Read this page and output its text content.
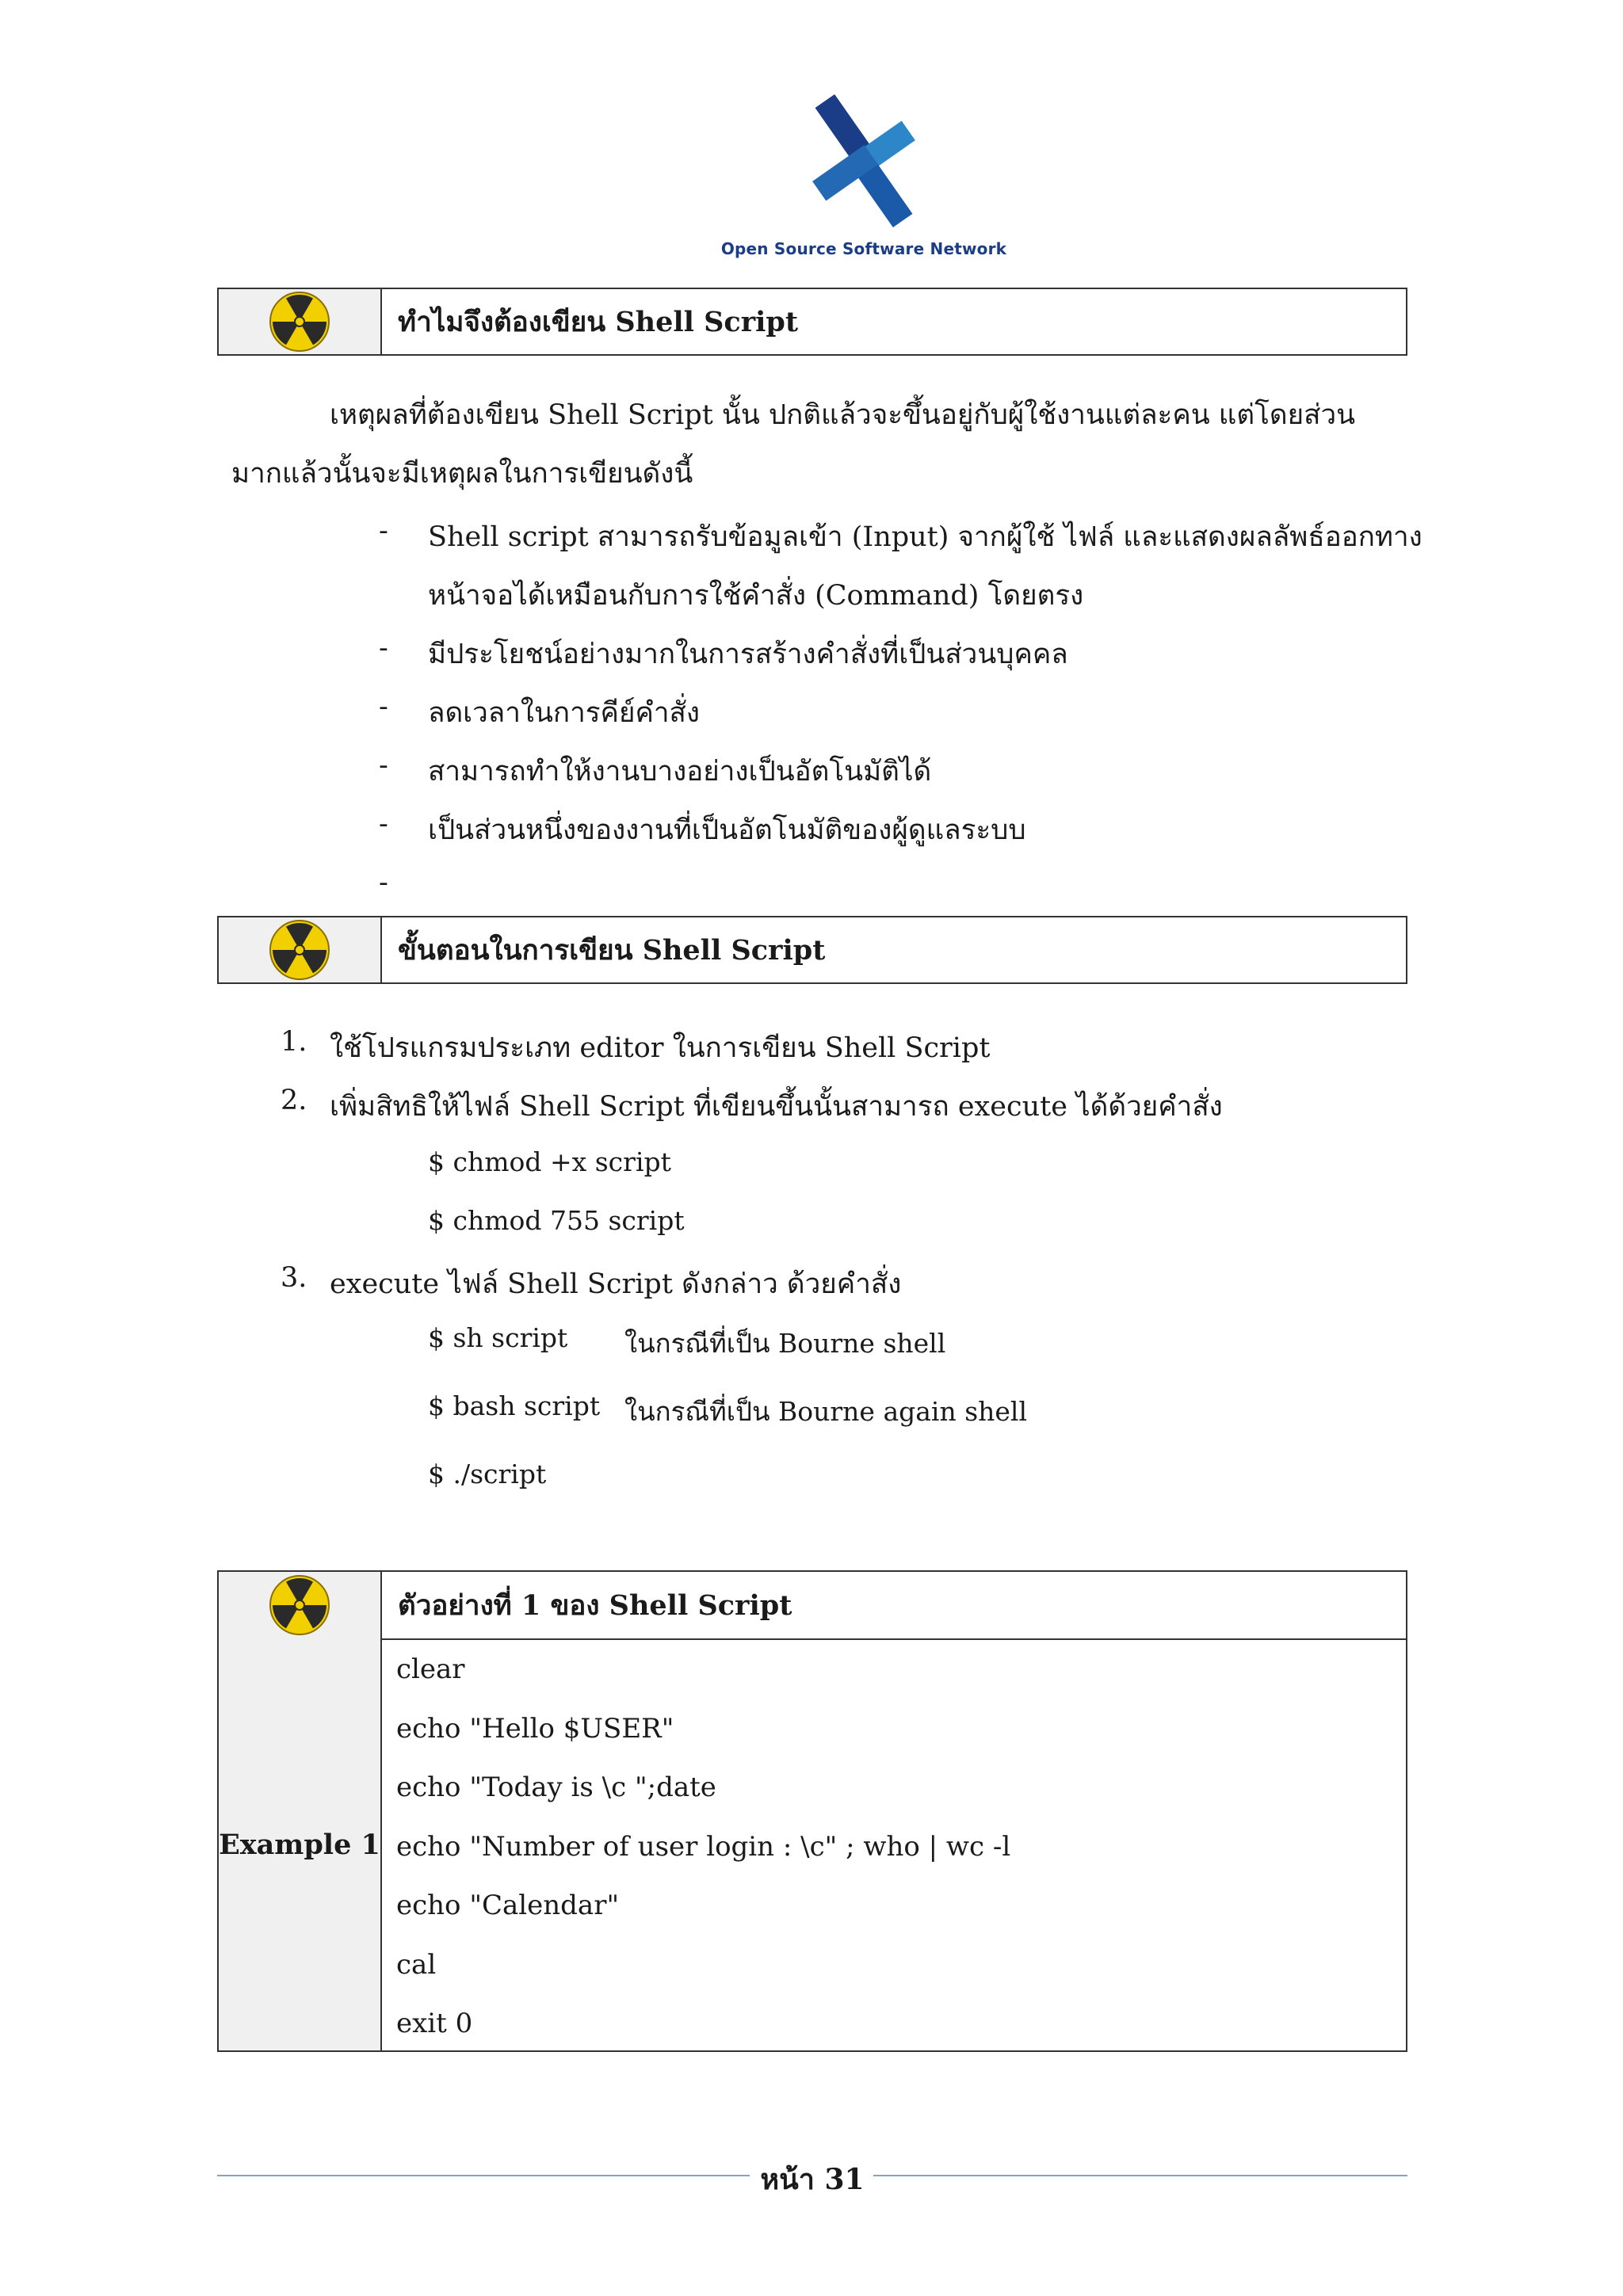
Open Source Software Network
ทำไมจึงต้องเขียน Shell Script
เหตุผลที่ต้องเขียน Shell Script นั้น ปกติแล้วจะขึ้นอยู่กับผู้ใช้งานแต่ละคน แต่โดยส่วนมากแล้วนั้นจะมีเหตุผลในการเขียนดังนี้
- Shell script สามารถรับข้อมูลเข้า (Input) จากผู้ใช้ ไฟล์ และแสดงผลลัพธ์ออกทาง
หน้าจอได้เหมือนกับการใช้คำสั่ง (Command) โดยตรง
- มีประโยชน์อย่างมากในการสร้างคำสั่งที่เป็นส่วนบุคคล
- ลดเวลาในการคีย์คำสั่ง
- สามารถทำให้งานบางอย่างเป็นอัตโนมัติได้
- เป็นส่วนหนึ่งของงานที่เป็นอัตโนมัติของผู้ดูแลระบบ
-
ขั้นตอนในการเขียน Shell Script
1. ใช้โปรแกรมประเภท editor ในการเขียน Shell Script
2. เพิ่มสิทธิให้ไฟล์ Shell Script ที่เขียนขึ้นนั้นสามารถ execute ได้ด้วยคำสั่ง
$ chmod +x script
$ chmod 755 script
3. execute ไฟล์ Shell Script ดังกล่าว ด้วยคำสั่ง
$ sh script ในกรณีที่เป็น Bourne shell
$ bash script ในกรณีที่เป็น Bourne again shell
$ ./script
ตัวอย่างที่ 1 ของ Shell Script
Example 1
clear
echo "Hello $USER"
echo "Today is \c ";date
echo "Number of user login : \c" ; who | wc -l
echo "Calendar"
cal
exit 0
หน้า 31
